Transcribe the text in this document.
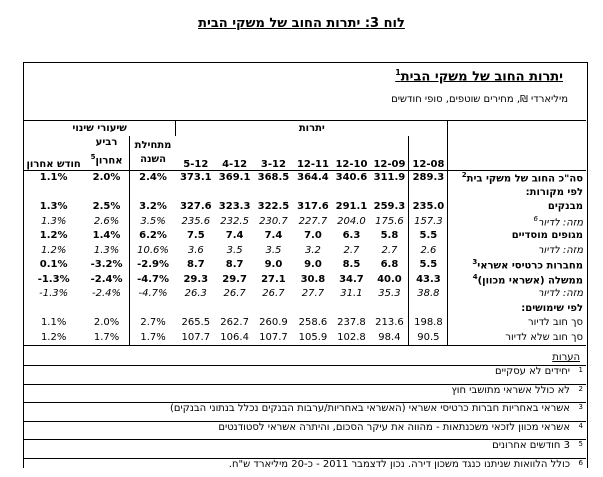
לוח 3: יתרות החוב של משקי הבית
יתרות החוב של משקי הבית$^1$
מיליארדי ₪, מחירים שוטפים, סופי חודשים
שיעורי שינוי			יתרות							
חודש אחרון	רביע אחרון$^5$	מתחילת השנה	5-12	4-12	3-12	12-11	12-10	12-09	12-08	
1.1%	2.0%	2.4%	373.1	369.1	368.5	364.4	340.6	311.9	289.3	סה"כ החוב של משקי בית$^2$
										לפי מקורות:
1.3%	2.5%	3.2%	327.6	323.3	322.5	317.6	291.1	259.3	235.0	מבנקים
1.3%	2.6%	3.5%	235.6	232.5	230.7	227.7	204.0	175.6	157.3	מזה: לדיור$^6$
1.2%	1.4%	6.2%	7.5	7.4	7.4	7.0	6.3	5.8	5.5	מגופים מוסדיים
1.2%	1.3%	10.6%	3.6	3.5	3.5	3.2	2.7	2.7	2.6	מזה: לדיור
0.1%	-3.2%	-2.9%	8.7	8.7	9.0	9.0	8.5	6.8	5.5	מחברות כרטיסי אשראי$^3$
-1.3%	-2.4%	-4.7%	29.3	29.7	27.1	30.8	34.7	40.0	43.3	ממשלה (אשראי מכוון)$^4$
-1.3%	-2.4%	-4.7%	26.3	26.7	26.7	27.7	31.1	35.3	38.8	מזה: לדיור
										לפי שימושים:
1.1%	2.0%	2.7%	265.5	262.7	260.9	258.6	237.8	213.6	198.8	סך חוב לדיור
1.2%	1.7%	1.7%	107.7	106.4	107.7	105.9	102.8	98.4	90.5	סך חוב שלא לדיור
הערות
1
יחידים לא עסקיים
2
לא כולל אשראי מתושבי חוץ
3
אשראי באחריות חברות כרטיסי אשראי (האשראי באחריות/ערבות הבנקים נכלל בנתוני הבנקים)
4
אשראי מכוון לזכאי משכנתאות - מהווה את עיקר הסכום, והיתרה אשראי לסטודנטים
5
3 חודשים אחרונים
6
כולל הלוואות שניתנו כנגד משכון דירה. נכון לדצמבר 2011 - כ-20 מיליארד ש"ח.
